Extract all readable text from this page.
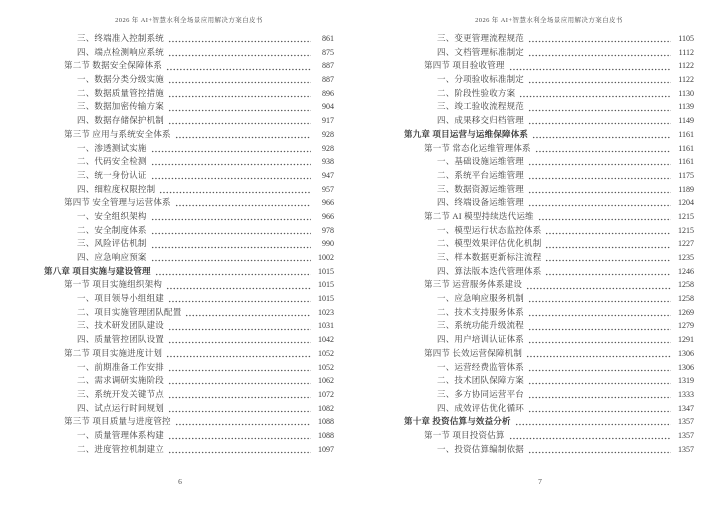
2026 年 AI+智慧水利全场景应用解决方案白皮书
三、终端准入控制系统	861
四、端点检测响应系统	875
第二节 数据安全保障体系	887
一、数据分类分级实施	887
二、数据质量管控措施	896
三、数据加密传输方案	904
四、数据存储保护机制	917
第三节 应用与系统安全体系	928
一、渗透测试实施	928
二、代码安全检测	938
三、统一身份认证	947
四、细粒度权限控制	957
第四节 安全管理与运营体系	966
一、安全组织架构	966
二、安全制度体系	978
三、风险评估机制	990
四、应急响应预案	1002
第八章 项目实施与建设管理	1015
第一节 项目实施组织架构	1015
一、项目领导小组组建	1015
二、项目实施管理团队配置	1023
三、技术研发团队建设	1031
四、质量管控团队设置	1042
第二节 项目实施进度计划	1052
一、前期准备工作安排	1052
二、需求调研实施阶段	1062
三、系统开发关键节点	1072
四、试点运行时间规划	1082
第三节 项目质量与进度管控	1088
一、质量管理体系构建	1088
二、进度管控机制建立	1097
6
2026 年 AI+智慧水利全场景应用解决方案白皮书
三、变更管理流程规范	1105
四、文档管理标准制定	1112
第四节 项目验收管理	1122
一、分项验收标准制定	1122
二、阶段性验收方案	1130
三、竣工验收流程规范	1139
四、成果移交归档管理	1149
第九章 项目运营与运维保障体系	1161
第一节 常态化运维管理体系	1161
一、基础设施运维管理	1161
二、系统平台运维管理	1175
三、数据资源运维管理	1189
四、终端设备运维管理	1204
第二节 AI 模型持续迭代运维	1215
一、模型运行状态监控体系	1215
二、模型效果评估优化机制	1227
三、样本数据更新标注流程	1235
四、算法版本迭代管理体系	1246
第三节 运营服务体系建设	1258
一、应急响应服务机制	1258
二、技术支持服务体系	1269
三、系统功能升级流程	1279
四、用户培训认证体系	1291
第四节 长效运营保障机制	1306
一、运营经费监管体系	1306
二、技术团队保障方案	1319
三、多方协同运营平台	1333
四、成效评估优化循环	1347
第十章 投资估算与效益分析	1357
第一节 项目投资估算	1357
一、投资估算编制依据	1357
7
